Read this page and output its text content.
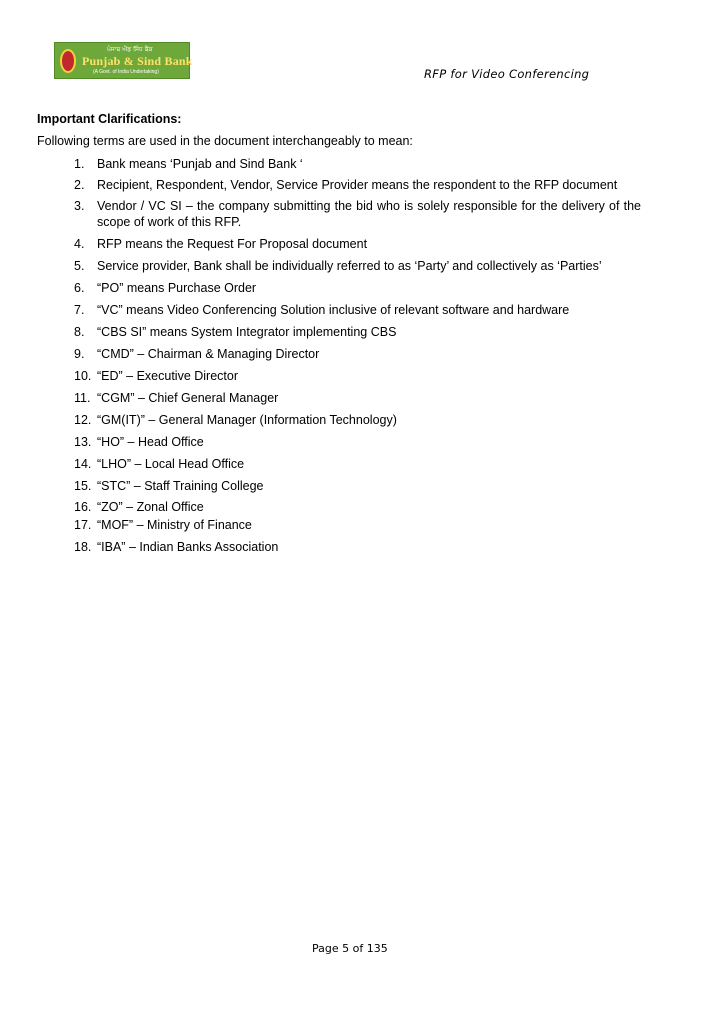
ਪੰਜਾਬ ਐਂਡ ਸਿੰਧ ਬੈਂਕ
Punjab & Sind Bank
(A Govt. of India Undertaking)	RFP for Video Conferencing
Important Clarifications:
Following terms are used in the document interchangeably to mean:
1.	Bank means ‘Punjab and Sind Bank ‘
2.	Recipient, Respondent, Vendor, Service Provider means the respondent to the RFP document
3.	Vendor / VC SI – the company submitting the bid who is solely responsible for the delivery of the scope of work of this RFP.
4.	RFP means the Request For Proposal document
5.	Service provider, Bank shall be individually referred to as ‘Party’ and collectively as ‘Parties’
6.	“PO” means Purchase Order
7.	“VC” means Video Conferencing Solution inclusive of relevant software and hardware
8.	“CBS SI” means System Integrator implementing CBS
9.	“CMD” – Chairman & Managing Director
10. “ED” – Executive Director
11. “CGM” – Chief General Manager
12. “GM(IT)” – General Manager (Information Technology)
13. “HO” – Head Office
14. “LHO” – Local Head Office
15. “STC” – Staff Training College
16. “ZO” – Zonal Office
17. “MOF” – Ministry of Finance
18. “IBA” – Indian Banks Association
Page 5 of 135
